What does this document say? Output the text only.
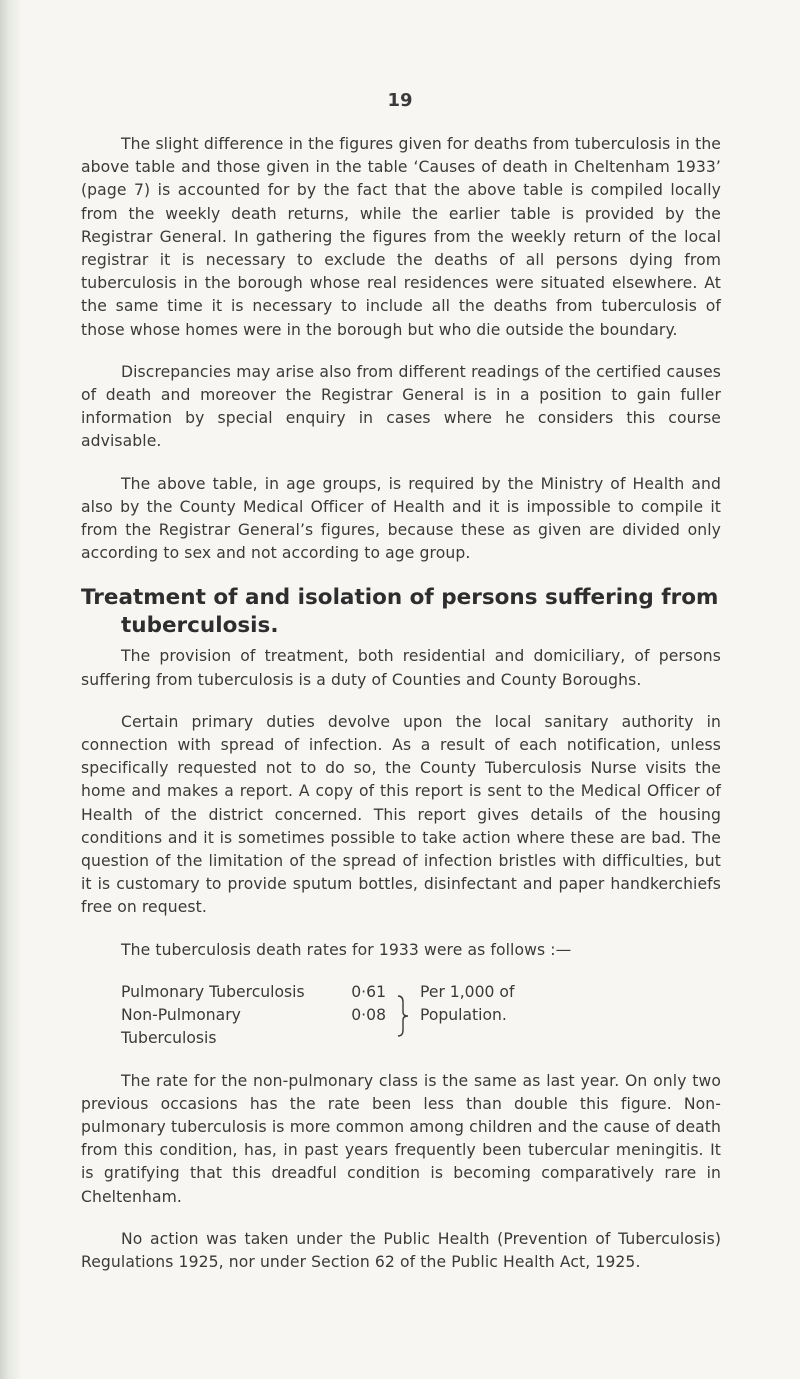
19

The slight difference in the figures given for deaths from tuberculosis in the above table and those given in the table ‘Causes of death in Cheltenham 1933’ (page 7) is accounted for by the fact that the above table is compiled locally from the weekly death returns, while the earlier table is provided by the Registrar General. In gathering the figures from the weekly return of the local registrar it is necessary to exclude the deaths of all persons dying from tuberculosis in the borough whose real residences were situated elsewhere. At the same time it is necessary to include all the deaths from tuberculosis of those whose homes were in the borough but who die outside the boundary.

Discrepancies may arise also from different readings of the certified causes of death and moreover the Registrar General is in a position to gain fuller information by special enquiry in cases where he considers this course advisable.

The above table, in age groups, is required by the Ministry of Health and also by the County Medical Officer of Health and it is impossible to compile it from the Registrar General’s figures, because these as given are divided only according to sex and not according to age group.

Treatment of and isolation of persons suffering from
tuberculosis.

The provision of treatment, both residential and domiciliary, of persons suffering from tuberculosis is a duty of Counties and County Boroughs.

Certain primary duties devolve upon the local sanitary authority in connection with spread of infection. As a result of each notification, unless specifically requested not to do so, the County Tuberculosis Nurse visits the home and makes a report. A copy of this report is sent to the Medical Officer of Health of the district concerned. This report gives details of the housing conditions and it is sometimes possible to take action where these are bad. The question of the limitation of the spread of infection bristles with difficulties, but it is customary to provide sputum bottles, disinfectant and paper handkerchiefs free on request.

The tuberculosis death rates for 1933 were as follows :—

Pulmonary Tuberculosis
Non-Pulmonary Tuberculosis
0·61
0·08
Per 1,000 of
Population.

The rate for the non-pulmonary class is the same as last year. On only two previous occasions has the rate been less than double this figure. Non-pulmonary tuberculosis is more common among children and the cause of death from this condition, has, in past years frequently been tubercular meningitis. It is gratifying that this dreadful condition is becoming comparatively rare in Cheltenham.

No action was taken under the Public Health (Prevention of Tuberculosis) Regulations 1925, nor under Section 62 of the Public Health Act, 1925.
